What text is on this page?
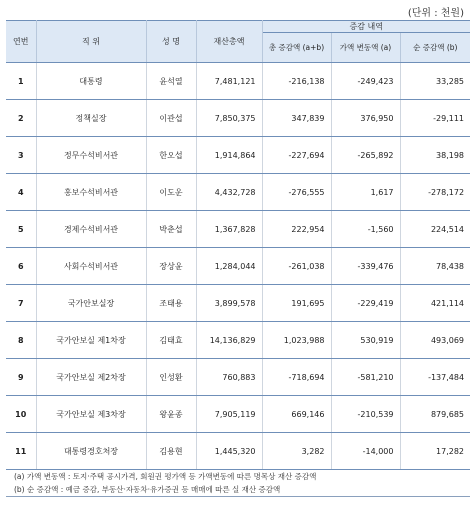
(단위 : 천원)
연번	직 위	성 명	재산총액	증감 내역		
				총 증감액 (a+b)	가액 변동액 (a)	순 증감액 (b)
1	대통령	윤석열	7,481,121	-216,138	-249,423	33,285
2	정책실장	이관섭	7,850,375	347,839	376,950	-29,111
3	정무수석비서관	한오섭	1,914,864	-227,694	-265,892	38,198
4	홍보수석비서관	이도운	4,432,728	-276,555	1,617	-278,172
5	경제수석비서관	박춘섭	1,367,828	222,954	-1,560	224,514
6	사회수석비서관	장상윤	1,284,044	-261,038	-339,476	78,438
7	국가안보실장	조태용	3,899,578	191,695	-229,419	421,114
8	국가안보실 제1차장	김태효	14,136,829	1,023,988	530,919	493,069
9	국가안보실 제2차장	인성환	760,883	-718,694	-581,210	-137,484
10	국가안보실 제3차장	왕윤종	7,905,119	669,146	-210,539	879,685
11	대통령경호처장	김용현	1,445,320	3,282	-14,000	17,282
(a) 가액 변동액 : 토지·주택 공시가격, 회원권 평가액 등 가액변동에 따른 명목상 재산 증감액
(b) 순 증감액 : 예금 증감, 부동산·자동차·유가증권 등 매매에 따른 실 재산 증감액
